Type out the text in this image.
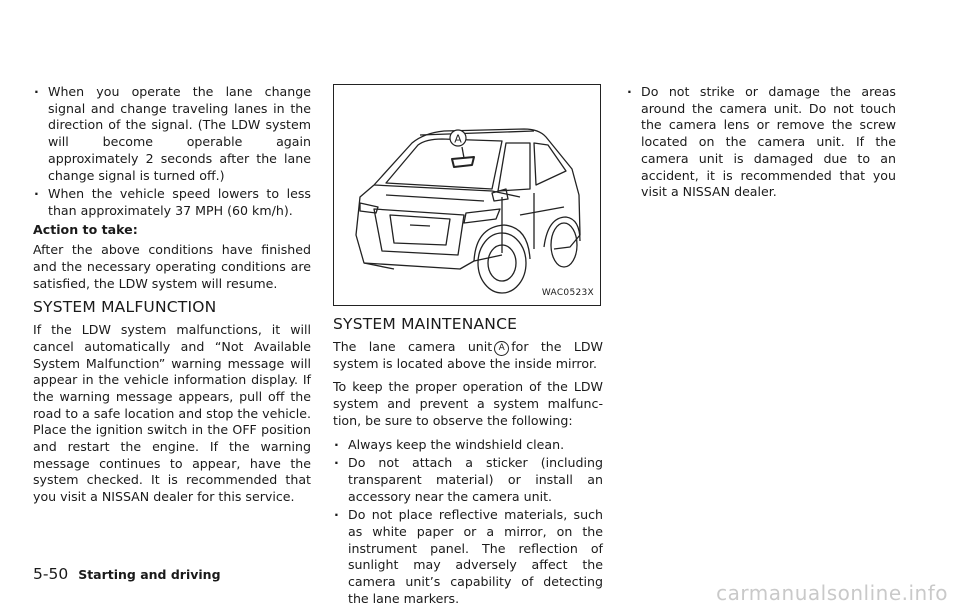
. When you operate the lane change signal and change traveling lanes in the direction of the signal. (The LDW system will become operable again approximately 2 seconds after the lane change signal is turned off.)
. When the vehicle speed lowers to less than approximately 37 MPH (60 km/h).

Action to take:

After the above conditions have finished and the necessary operating conditions are satisfied, the LDW system will resume.

SYSTEM MALFUNCTION

If the LDW system malfunctions, it will cancel automatically and “Not Available System Malfunction” warning message will appear in the vehicle information display. If the warning message appears, pull off the road to a safe location and stop the vehicle. Place the ignition switch in the OFF position and restart the engine. If the warning message continues to appear, have the system checked. It is recommended that you visit a NISSAN dealer for this service.

A
WAC0523X
SYSTEM MAINTENANCE

The lane camera unit A for the LDW system is located above the inside mirror.

To keep the proper operation of the LDW system and prevent a system malfunc-tion, be sure to observe the following:

. Always keep the windshield clean.
. Do not attach a sticker (including transparent material) or install an accessory near the camera unit.
. Do not place reflective materials, such as white paper or a mirror, on the instrument panel. The reflection of sunlight may adversely affect the camera unit’s capability of detecting the lane markers.
. Do not strike or damage the areas around the camera unit. Do not touch the camera lens or remove the screw located on the camera unit. If the camera unit is damaged due to an accident, it is recommended that you visit a NISSAN dealer.
5-50 Starting and driving
carmanualsonline.info
